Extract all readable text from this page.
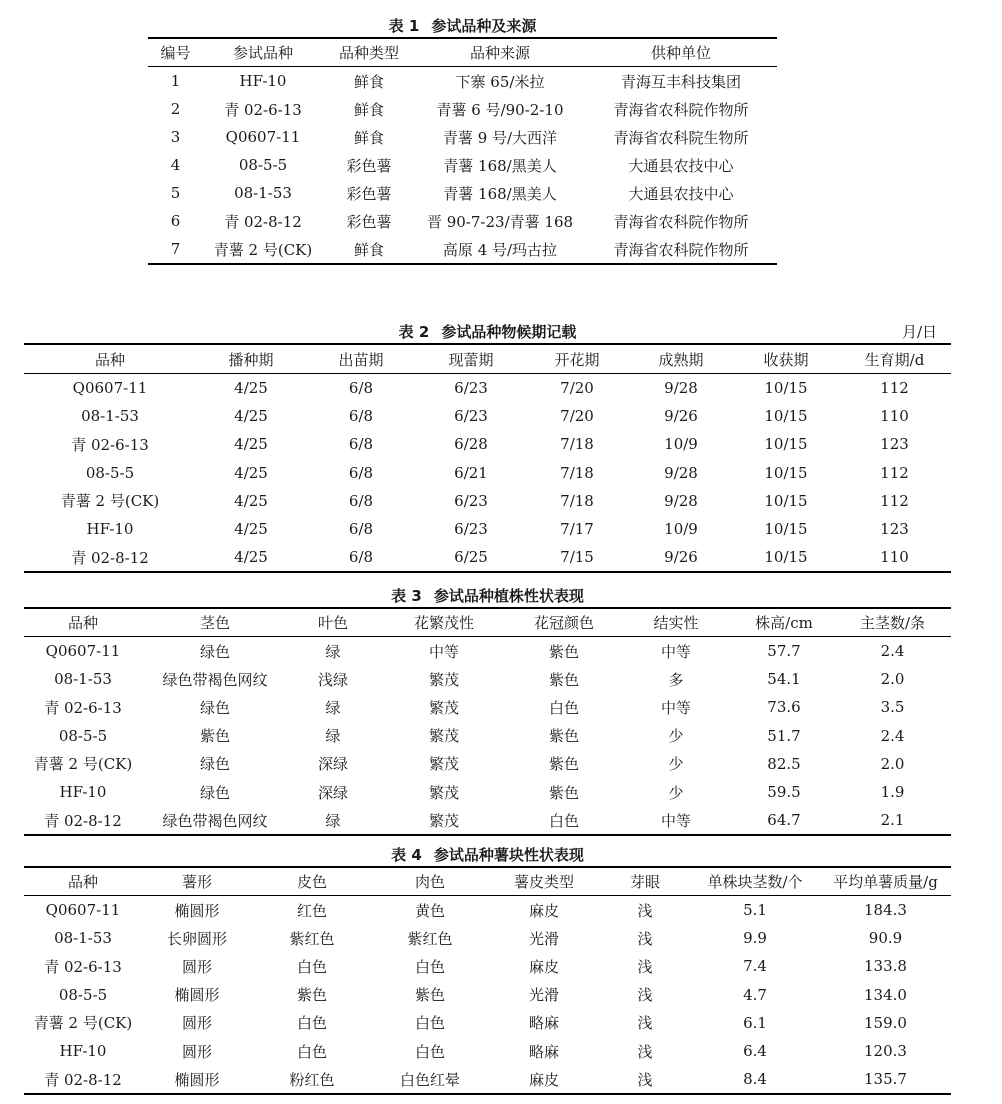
表 1 参试品种及来源
编号	参试品种	品种类型	品种来源	供种单位
1	HF-10	鲜食	下寨 65/米拉	青海互丰科技集团
2	青 02-6-13	鲜食	青薯 6 号/90-2-10	青海省农科院作物所
3	Q0607-11	鲜食	青薯 9 号/大西洋	青海省农科院生物所
4	08-5-5	彩色薯	青薯 168/黑美人	大通县农技中心
5	08-1-53	彩色薯	青薯 168/黑美人	大通县农技中心
6	青 02-8-12	彩色薯	晋 90-7-23/青薯 168	青海省农科院作物所
7	青薯 2 号(CK)	鲜食	高原 4 号/玛古拉	青海省农科院作物所
表 2 参试品种物候期记载	月/日
品种	播种期	出苗期	现蕾期	开花期	成熟期	收获期	生育期/d
Q0607-11	4/25	6/8	6/23	7/20	9/28	10/15	112
08-1-53	4/25	6/8	6/23	7/20	9/26	10/15	110
青 02-6-13	4/25	6/8	6/28	7/18	10/9	10/15	123
08-5-5	4/25	6/8	6/21	7/18	9/28	10/15	112
青薯 2 号(CK)	4/25	6/8	6/23	7/18	9/28	10/15	112
HF-10	4/25	6/8	6/23	7/17	10/9	10/15	123
青 02-8-12	4/25	6/8	6/25	7/15	9/26	10/15	110
表 3 参试品种植株性状表现
品种	茎色	叶色	花繁茂性	花冠颜色	结实性	株高/cm	主茎数/条
Q0607-11	绿色	绿	中等	紫色	中等	57.7	2.4
08-1-53	绿色带褐色网纹	浅绿	繁茂	紫色	多	54.1	2.0
青 02-6-13	绿色	绿	繁茂	白色	中等	73.6	3.5
08-5-5	紫色	绿	繁茂	紫色	少	51.7	2.4
青薯 2 号(CK)	绿色	深绿	繁茂	紫色	少	82.5	2.0
HF-10	绿色	深绿	繁茂	紫色	少	59.5	1.9
青 02-8-12	绿色带褐色网纹	绿	繁茂	白色	中等	64.7	2.1
表 4 参试品种薯块性状表现
品种	薯形	皮色	肉色	薯皮类型	芽眼	单株块茎数/个	平均单薯质量/g
Q0607-11	椭圆形	红色	黄色	麻皮	浅	5.1	184.3
08-1-53	长卵圆形	紫红色	紫红色	光滑	浅	9.9	90.9
青 02-6-13	圆形	白色	白色	麻皮	浅	7.4	133.8
08-5-5	椭圆形	紫色	紫色	光滑	浅	4.7	134.0
青薯 2 号(CK)	圆形	白色	白色	略麻	浅	6.1	159.0
HF-10	圆形	白色	白色	略麻	浅	6.4	120.3
青 02-8-12	椭圆形	粉红色	白色红晕	麻皮	浅	8.4	135.7
